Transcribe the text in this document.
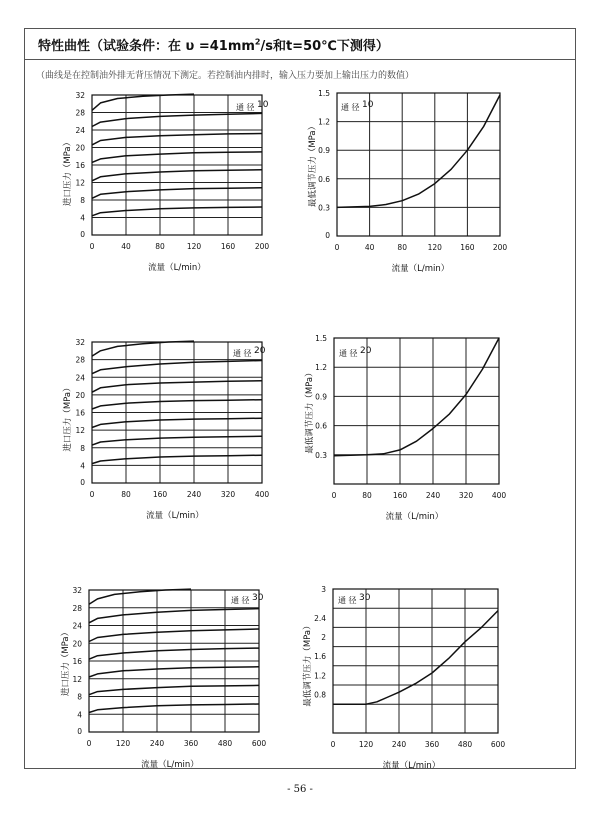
特性曲性（试验条件：在 $\upsilon =41mm^2/s$和t=50℃下测得）
（曲线是在控制油外排无背压情况下测定。若控制油内排时，输入压力要加上输出压力的数值）
0	40	80	120	160	200
0
4
8
12
16
20
24
28
32
通 径 10
流量（L/min）
进口压力（MPa）
0	40	80	120 160 200
0
0.3
0.6
0.9
1.2
1.5
通 径 10
流量（L/min）
最低调节压力（MPa）
0	80	160	240	320	400
0
4
8
12
16
20
24
28
32
通 径 20
流量（L/min）
进口压力（MPa）
0	80	160 240 320 400
0.3
0.6
0.9
1.2
1.5
通 径 20
流量（L/min）
最低调节压力（MPa）
0	120	240	360	480	600
0
4
8
12
16
20
24
28
32
通 径 30
流量（L/min）
进口压力（MPa）
0	120 240 360 480 600
0.8
1.2
1.6
2
2.4
3
通 径 30
流量（L/min）
最低调节压力（MPa）
- 56 -
